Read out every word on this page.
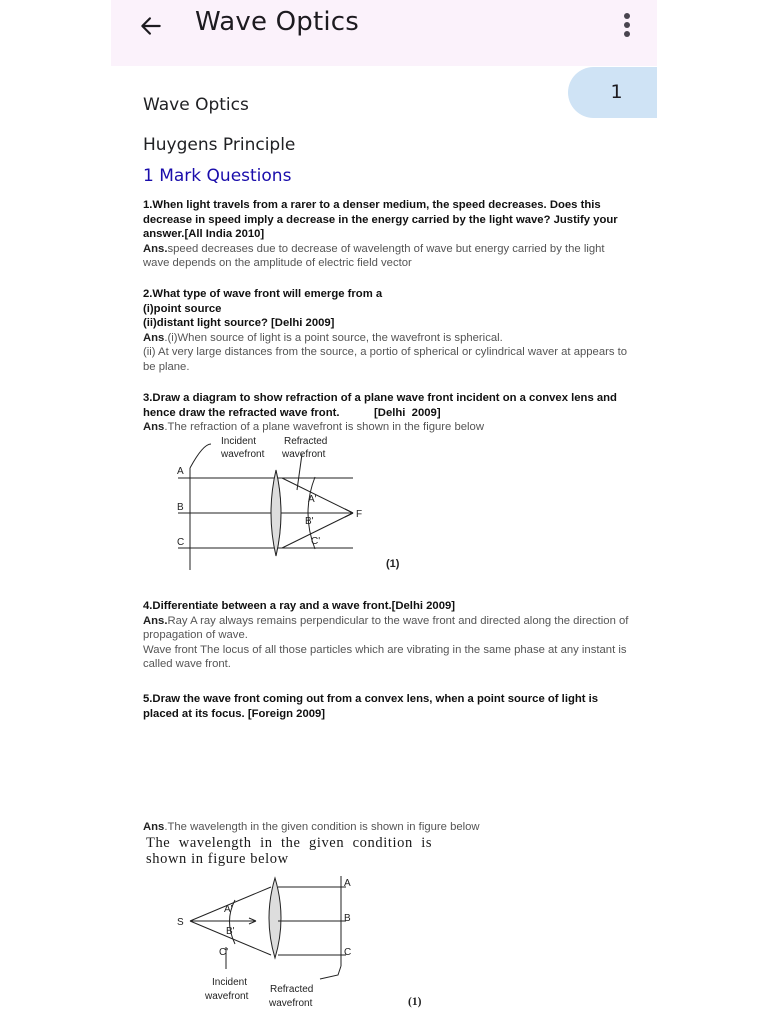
Wave Optics
1
Wave Optics
Huygens Principle
1 Mark Questions

1.When light travels from a rarer to a denser medium, the speed decreases. Does this decrease in speed imply a decrease in the energy carried by the light wave? Justify your answer.[All India 2010]

Ans.speed decreases due to decrease of wavelength of wave but energy carried by the light wave depends on the amplitude of electric field vector

2.What type of wave front will emerge from a

(i)point source

(ii)distant light source? [Delhi 2009]

Ans.(i)When source of light is a point source, the wavefront is spherical.

(ii) At very large distances from the source, a portio of spherical or cylindrical waver at appears to be plane.

3.Draw a diagram to show refraction of a plane wave front incident on a convex lens and

hence draw the refracted wave front.           [Delhi  2009]

Ans.The refraction of a plane wavefront is shown in the figure below

A
B
C
A'
B'
C'
F
Incident
wavefront
Refracted
wavefront
(1)

4.Differentiate between a ray and a wave front.[Delhi 2009]

Ans.Ray A ray always remains perpendicular to the wave front and directed along the direction of propagation of wave.

Wave front The locus of all those particles which are vibrating in the same phase at any instant is called wave front.

5.Draw the wave front coming out from a convex lens, when a point source of light is placed at its focus. [Foreign 2009]

Ans.The wavelength in the given condition is shown in figure below

The  wavelength  in  the  given  condition  is
shown in figure below
S
A'
B'
C'
A
B
C
Incident
wavefront
Refracted
wavefront	(1)
